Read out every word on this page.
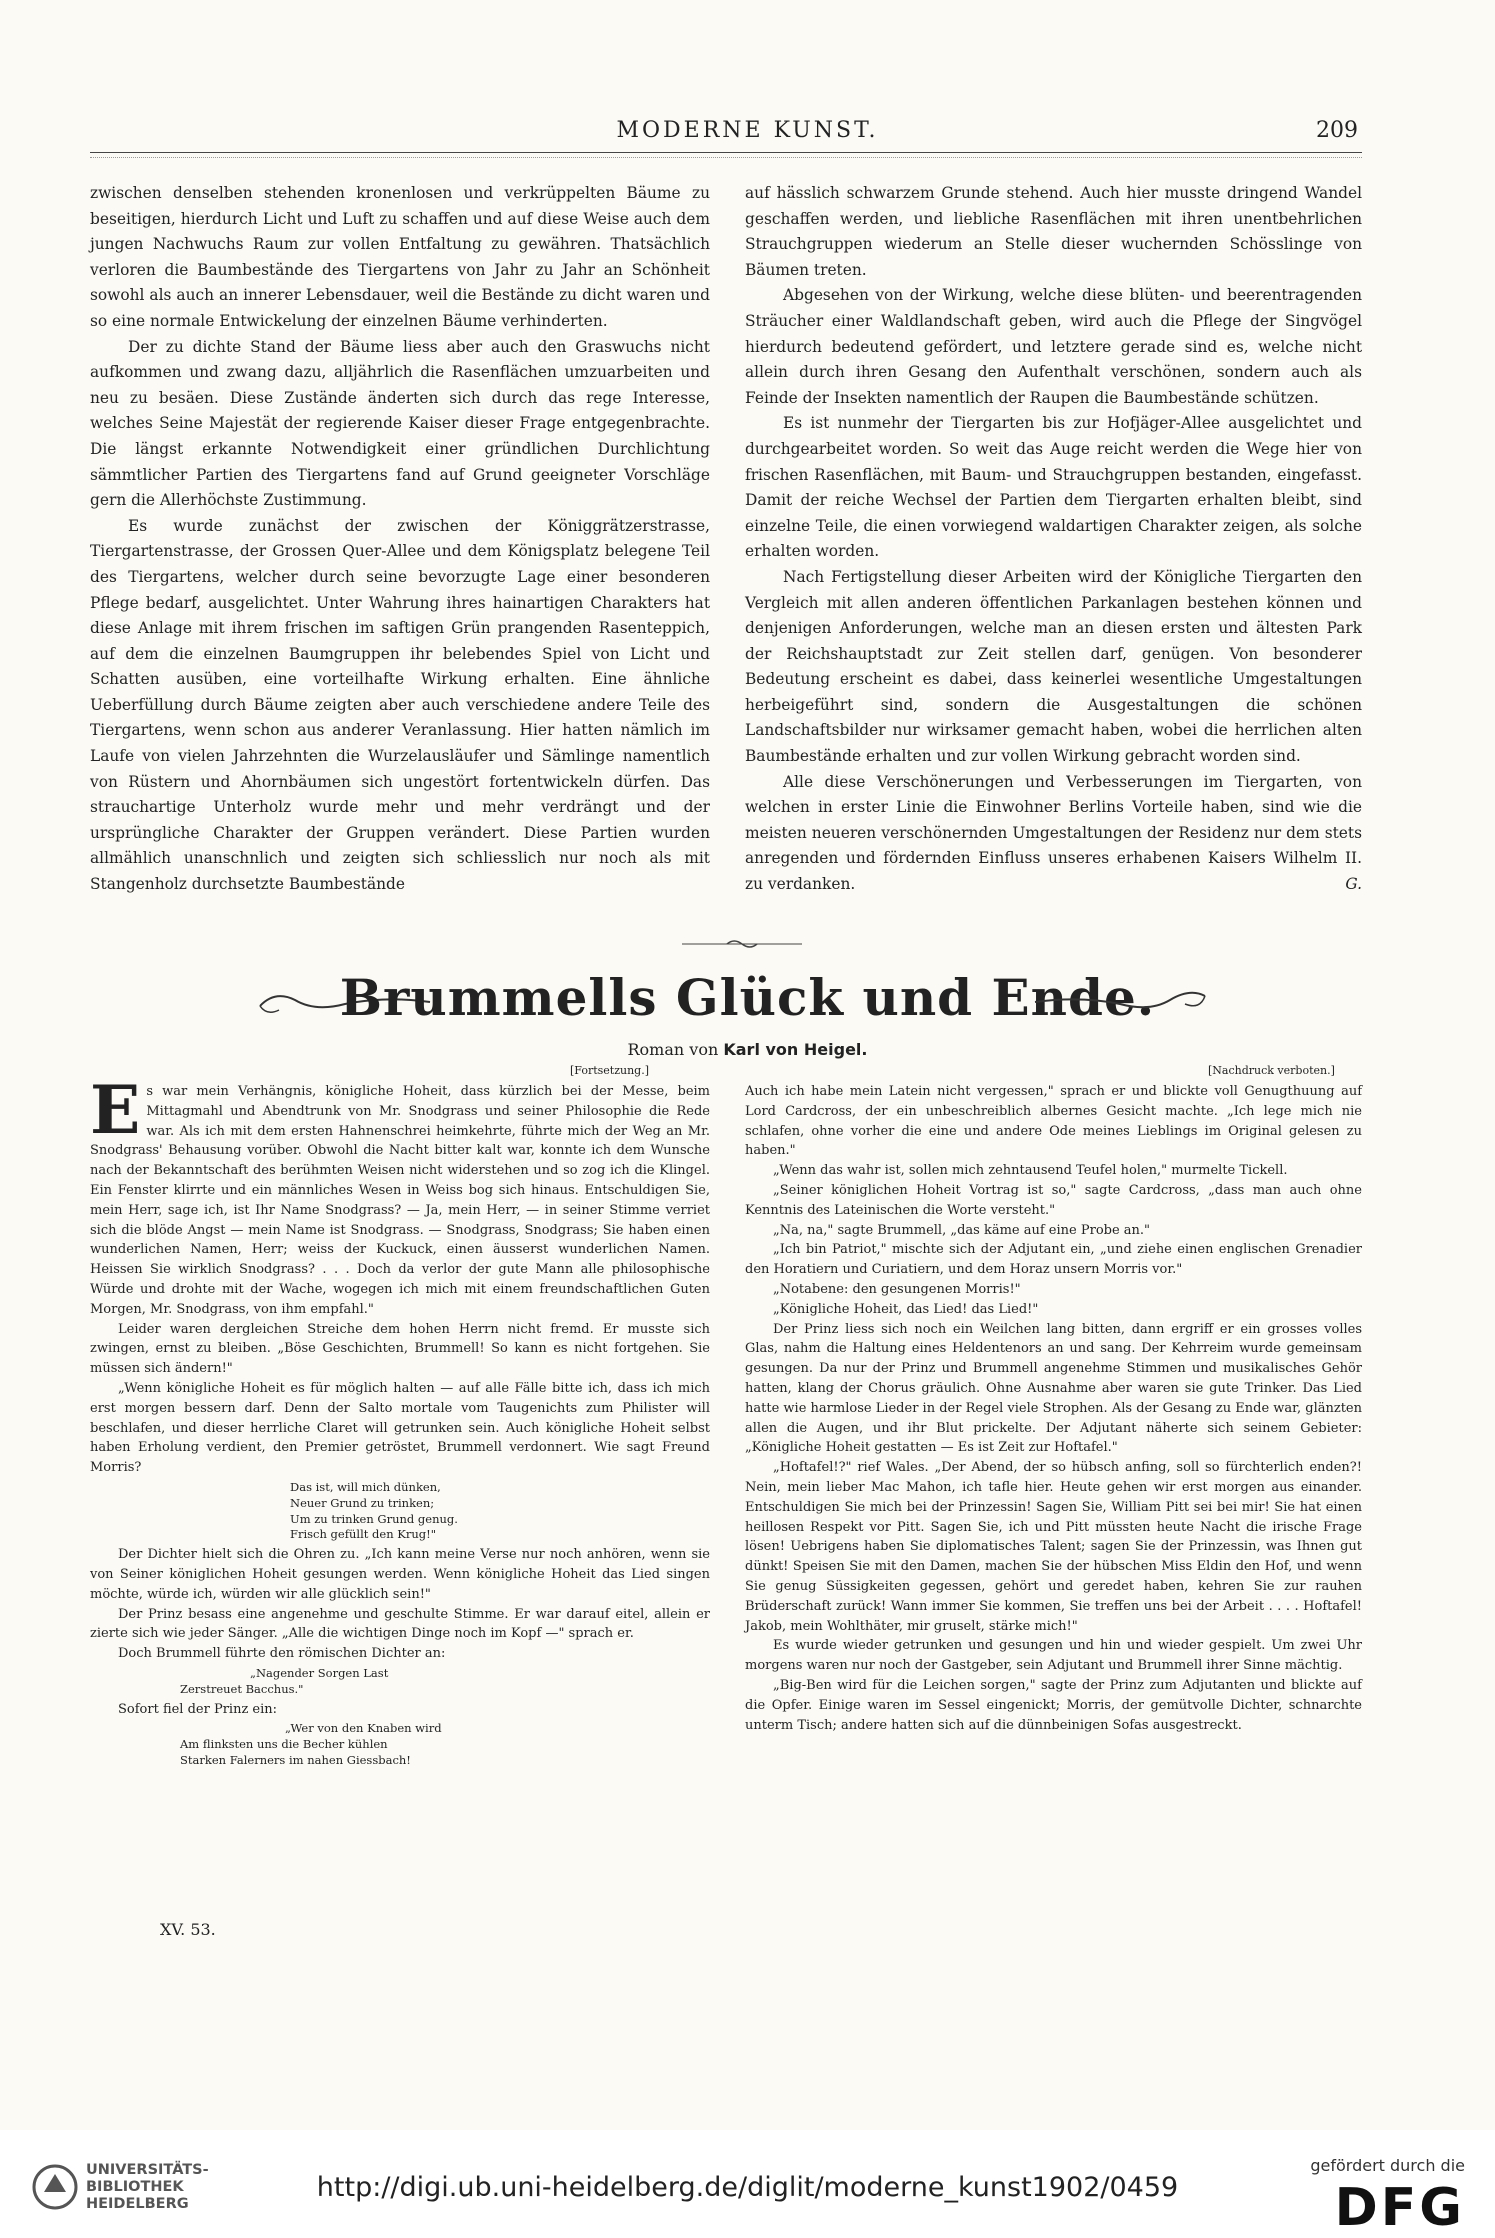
MODERNE KUNST.	209

zwischen denselben stehenden kronenlosen und verkrüppelten Bäume zu beseitigen, hierdurch Licht und Luft zu schaffen und auf diese Weise auch dem jungen Nachwuchs Raum zur vollen Entfaltung zu gewähren. Thatsächlich verloren die Baumbestände des Tiergartens von Jahr zu Jahr an Schönheit sowohl als auch an innerer Lebensdauer, weil die Bestände zu dicht waren und so eine normale Entwickelung der einzelnen Bäume verhinderten.

Der zu dichte Stand der Bäume liess aber auch den Graswuchs nicht aufkommen und zwang dazu, alljährlich die Rasenflächen umzuarbeiten und neu zu besäen. Diese Zustände änderten sich durch das rege Interesse, welches Seine Majestät der regierende Kaiser dieser Frage entgegenbrachte. Die längst erkannte Notwendigkeit einer gründlichen Durchlichtung sämmtlicher Partien des Tiergartens fand auf Grund geeigneter Vorschläge gern die Allerhöchste Zustimmung.

Es wurde zunächst der zwischen der Königgrätzerstrasse, Tiergartenstrasse, der Grossen Quer-Allee und dem Königsplatz belegene Teil des Tiergartens, welcher durch seine bevorzugte Lage einer besonderen Pflege bedarf, ausgelichtet. Unter Wahrung ihres hainartigen Charakters hat diese Anlage mit ihrem frischen im saftigen Grün prangenden Rasenteppich, auf dem die einzelnen Baumgruppen ihr belebendes Spiel von Licht und Schatten ausüben, eine vorteilhafte Wirkung erhalten. Eine ähnliche Ueberfüllung durch Bäume zeigten aber auch verschiedene andere Teile des Tiergartens, wenn schon aus anderer Veranlassung. Hier hatten nämlich im Laufe von vielen Jahrzehnten die Wurzelausläufer und Sämlinge namentlich von Rüstern und Ahornbäumen sich ungestört fortentwickeln dürfen. Das strauchartige Unterholz wurde mehr und mehr verdrängt und der ursprüngliche Charakter der Gruppen verändert. Diese Partien wurden allmählich unanschnlich und zeigten sich schliesslich nur noch als mit Stangenholz durchsetzte Baumbestände

auf hässlich schwarzem Grunde stehend. Auch hier musste dringend Wandel geschaffen werden, und liebliche Rasenflächen mit ihren unentbehrlichen Strauchgruppen wiederum an Stelle dieser wuchernden Schösslinge von Bäumen treten.

Abgesehen von der Wirkung, welche diese blüten- und beerentragenden Sträucher einer Waldlandschaft geben, wird auch die Pflege der Singvögel hierdurch bedeutend gefördert, und letztere gerade sind es, welche nicht allein durch ihren Gesang den Aufenthalt verschönen, sondern auch als Feinde der Insekten namentlich der Raupen die Baumbestände schützen.

Es ist nunmehr der Tiergarten bis zur Hofjäger-Allee ausgelichtet und durchgearbeitet worden. So weit das Auge reicht werden die Wege hier von frischen Rasenflächen, mit Baum- und Strauchgruppen bestanden, eingefasst. Damit der reiche Wechsel der Partien dem Tiergarten erhalten bleibt, sind einzelne Teile, die einen vorwiegend waldartigen Charakter zeigen, als solche erhalten worden.

Nach Fertigstellung dieser Arbeiten wird der Königliche Tiergarten den Vergleich mit allen anderen öffentlichen Parkanlagen bestehen können und denjenigen Anforderungen, welche man an diesen ersten und ältesten Park der Reichshauptstadt zur Zeit stellen darf, genügen. Von besonderer Bedeutung erscheint es dabei, dass keinerlei wesentliche Umgestaltungen herbeigeführt sind, sondern die Ausgestaltungen die schönen Landschaftsbilder nur wirksamer gemacht haben, wobei die herrlichen alten Baumbestände erhalten und zur vollen Wirkung gebracht worden sind.

Alle diese Verschönerungen und Verbesserungen im Tiergarten, von welchen in erster Linie die Einwohner Berlins Vorteile haben, sind wie die meisten neueren verschönernden Umgestaltungen der Residenz nur dem stets anregenden und fördernden Einfluss unseres erhabenen Kaisers Wilhelm II. zu verdanken.	G.

Brummells Glück und Ende.
Roman von Karl von Heigel.
[Fortsetzung.]	[Nachdruck verboten.]

Es war mein Verhängnis, königliche Hoheit, dass kürzlich bei der Messe, beim Mittagmahl und Abendtrunk von Mr. Snodgrass und seiner Philosophie die Rede war. Als ich mit dem ersten Hahnenschrei heimkehrte, führte mich der Weg an Mr. Snodgrass' Behausung vorüber. Obwohl die Nacht bitter kalt war, konnte ich dem Wunsche nach der Bekanntschaft des berühmten Weisen nicht widerstehen und so zog ich die Klingel. Ein Fenster klirrte und ein männliches Wesen in Weiss bog sich hinaus. Entschuldigen Sie, mein Herr, sage ich, ist Ihr Name Snodgrass? — Ja, mein Herr, — in seiner Stimme verriet sich die blöde Angst — mein Name ist Snodgrass. — Snodgrass, Snodgrass; Sie haben einen wunderlichen Namen, Herr; weiss der Kuckuck, einen äusserst wunderlichen Namen. Heissen Sie wirklich Snodgrass? . . . Doch da verlor der gute Mann alle philosophische Würde und drohte mit der Wache, wogegen ich mich mit einem freundschaftlichen Guten Morgen, Mr. Snodgrass, von ihm empfahl."

Leider waren dergleichen Streiche dem hohen Herrn nicht fremd. Er musste sich zwingen, ernst zu bleiben. „Böse Geschichten, Brummell! So kann es nicht fortgehen. Sie müssen sich ändern!"

„Wenn königliche Hoheit es für möglich halten — auf alle Fälle bitte ich, dass ich mich erst morgen bessern darf. Denn der Salto mortale vom Taugenichts zum Philister will beschlafen, und dieser herrliche Claret will getrunken sein. Auch königliche Hoheit selbst haben Erholung verdient, den Premier getröstet, Brummell verdonnert. Wie sagt Freund Morris?

Das ist, will mich dünken,
Neuer Grund zu trinken;
Um zu trinken Grund genug.
Frisch gefüllt den Krug!"

Der Dichter hielt sich die Ohren zu. „Ich kann meine Verse nur noch anhören, wenn sie von Seiner königlichen Hoheit gesungen werden. Wenn königliche Hoheit das Lied singen möchte, würde ich, würden wir alle glücklich sein!"

Der Prinz besass eine angenehme und geschulte Stimme. Er war darauf eitel, allein er zierte sich wie jeder Sänger. „Alle die wichtigen Dinge noch im Kopf —" sprach er.

Doch Brummell führte den römischen Dichter an:

„Nagender Sorgen Last
Zerstreuet Bacchus."

Sofort fiel der Prinz ein:

„Wer von den Knaben wird
Am flinksten uns die Becher kühlen
Starken Falerners im nahen Giessbach!

Auch ich habe mein Latein nicht vergessen," sprach er und blickte voll Genugthuung auf Lord Cardcross, der ein unbeschreiblich albernes Gesicht machte. „Ich lege mich nie schlafen, ohne vorher die eine und andere Ode meines Lieblings im Original gelesen zu haben."

„Wenn das wahr ist, sollen mich zehntausend Teufel holen," murmelte Tickell.

„Seiner königlichen Hoheit Vortrag ist so," sagte Cardcross, „dass man auch ohne Kenntnis des Lateinischen die Worte versteht."

„Na, na," sagte Brummell, „das käme auf eine Probe an."

„Ich bin Patriot," mischte sich der Adjutant ein, „und ziehe einen englischen Grenadier den Horatiern und Curiatiern, und dem Horaz unsern Morris vor."

„Notabene: den gesungenen Morris!"

„Königliche Hoheit, das Lied! das Lied!"

Der Prinz liess sich noch ein Weilchen lang bitten, dann ergriff er ein grosses volles Glas, nahm die Haltung eines Heldentenors an und sang. Der Kehrreim wurde gemeinsam gesungen. Da nur der Prinz und Brummell angenehme Stimmen und musikalisches Gehör hatten, klang der Chorus gräulich. Ohne Ausnahme aber waren sie gute Trinker. Das Lied hatte wie harmlose Lieder in der Regel viele Strophen. Als der Gesang zu Ende war, glänzten allen die Augen, und ihr Blut prickelte. Der Adjutant näherte sich seinem Gebieter: „Königliche Hoheit gestatten — Es ist Zeit zur Hoftafel."

„Hoftafel!?" rief Wales. „Der Abend, der so hübsch anfing, soll so fürchterlich enden?! Nein, mein lieber Mac Mahon, ich tafle hier. Heute gehen wir erst morgen aus einander. Entschuldigen Sie mich bei der Prinzessin! Sagen Sie, William Pitt sei bei mir! Sie hat einen heillosen Respekt vor Pitt. Sagen Sie, ich und Pitt müssten heute Nacht die irische Frage lösen! Uebrigens haben Sie diplomatisches Talent; sagen Sie der Prinzessin, was Ihnen gut dünkt! Speisen Sie mit den Damen, machen Sie der hübschen Miss Eldin den Hof, und wenn Sie genug Süssigkeiten gegessen, gehört und geredet haben, kehren Sie zur rauhen Brüderschaft zurück! Wann immer Sie kommen, Sie treffen uns bei der Arbeit . . . . Hoftafel! Jakob, mein Wohlthäter, mir gruselt, stärke mich!"

Es wurde wieder getrunken und gesungen und hin und wieder gespielt. Um zwei Uhr morgens waren nur noch der Gastgeber, sein Adjutant und Brummell ihrer Sinne mächtig.

„Big-Ben wird für die Leichen sorgen," sagte der Prinz zum Adjutanten und blickte auf die Opfer. Einige waren im Sessel eingenickt; Morris, der gemütvolle Dichter, schnarchte unterm Tisch; andere hatten sich auf die dünnbeinigen Sofas ausgestreckt.

XV. 53.
UNIVERSITÄTS-
BIBLIOTHEK
HEIDELBERG
http://digi.ub.uni-heidelberg.de/diglit/moderne_kunst1902/0459
gefördert durch die
DFG
